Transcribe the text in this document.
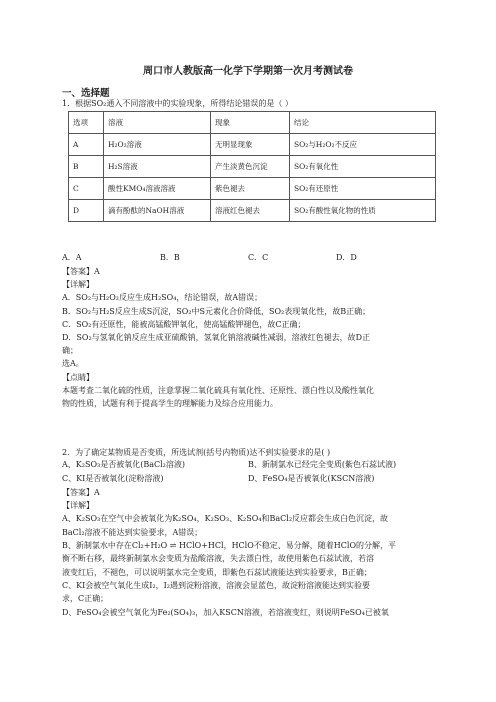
周口市人教版高一化学下学期第一次月考测试卷
一、选择题
1．根据SO₂通入不同溶液中的实验现象，所得结论错误的是（ ）
选项	溶液	现象	结论
A	H₂O₂溶液	无明显现象	SO₂与H₂O₂不反应
B	H₂S溶液	产生淡黄色沉淀	SO₂有氧化性
C	酸性KMO₄溶液溶液	紫色褪去	SO₂有还原性
D	滴有酚酞的NaOH溶液	溶液红色褪去	SO₂有酸性氧化物的性质
A．A	B．B	C．C	D．D

【答案】A

【详解】

A．SO₂与H₂O₂反应生成H₂SO₄，结论错误，故A错误；

B．SO₂与H₂S反应生成S沉淀，SO₂中S元素化合价降低，SO₂表现氧化性，故B正确；

C．SO₂有还原性，能被高锰酸钾氧化，使高锰酸钾褪色，故C正确；

D．SO₂与氢氧化钠反应生成亚硫酸钠，氢氧化钠溶液碱性减弱，溶液红色褪去，故D正

确；

选A。

【点睛】

本题考查二氧化硫的性质，注意掌握二氧化硫具有氧化性、还原性、漂白性以及酸性氧化

物的性质，试题有利于提高学生的理解能力及综合应用能力。

2．为了确定某物质是否变质，所选试剂(括号内物质)达不到实验要求的是( )

A、K₂SO₃是否被氧化(BaCl₂溶液)	B、新制氯水已经完全变质(紫色石蕊试液)
C、KI是否被氧化(淀粉溶液)	D、FeSO₄是否被氧化(KSCN溶液)

【答案】A

【详解】

A、K₂SO₃在空气中会被氧化为K₂SO₄，K₂SO₃、K₂SO₄和BaCl₂反应都会生成白色沉淀，故

BaCl₂溶液不能达到实验要求，A错误；

B、新制氯水中存在Cl₂+H₂O ⇌ HClO+HCl，HClO不稳定、易分解，随着HClO的分解，平

衡不断右移，最终新制氯水会变质为盐酸溶液，失去漂白性，故使用紫色石蕊试液，若溶

液变红后，不褪色，可以说明氯水完全变质，即紫色石蕊试液能达到实验要求，B正确；

C、KI会被空气氧化生成I₂，I₂遇到淀粉溶液，溶液会显蓝色，故淀粉溶液能达到实验要

求，C正确；

D、FeSO₄会被空气氧化为Fe₂(SO₄)₃，加入KSCN溶液，若溶液变红，则说明FeSO₄已被氧
